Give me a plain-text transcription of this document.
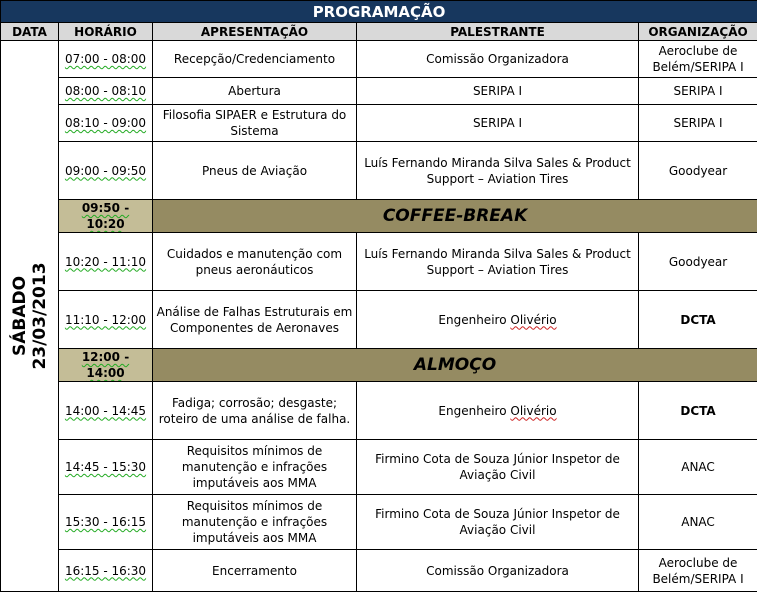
PROGRAMAÇÃO				
DATA	HORÁRIO	APRESENTAÇÃO	PALESTRANTE	ORGANIZAÇÃO

SÁBADO 23/03/2013	07:00 - 08:00	Recepção/Credenciamento	Comissão Organizadora	Aeroclube de Belém/SERIPA I
	08:00 - 08:10	Abertura	SERIPA I	SERIPA I
	08:10 - 09:00	Filosofia SIPAER e Estrutura do Sistema	SERIPA I	SERIPA I
	09:00 - 09:50	Pneus de Aviação	Luís Fernando Miranda Silva Sales & Product Support – Aviation Tires	Goodyear
	09:50 - 10:20	COFFEE-BREAK		
	10:20 - 11:10	Cuidados e manutenção com pneus aeronáuticos	Luís Fernando Miranda Silva Sales & Product Support – Aviation Tires	Goodyear
	11:10 - 12:00	Análise de Falhas Estruturais em Componentes de Aeronaves	Engenheiro Olivério	DCTA
	12:00 - 14:00	ALMOÇO		
	14:00 - 14:45	Fadiga; corrosão; desgaste; roteiro de uma análise de falha.	Engenheiro Olivério	DCTA
	14:45 - 15:30	Requisitos mínimos de manutenção e infrações imputáveis aos MMA	Firmino Cota de Souza Júnior Inspetor de Aviação Civil	ANAC
	15:30 - 16:15	Requisitos mínimos de manutenção e infrações imputáveis aos MMA	Firmino Cota de Souza Júnior Inspetor de Aviação Civil	ANAC
	16:15 - 16:30	Encerramento	Comissão Organizadora	Aeroclube de Belém/SERIPA I
